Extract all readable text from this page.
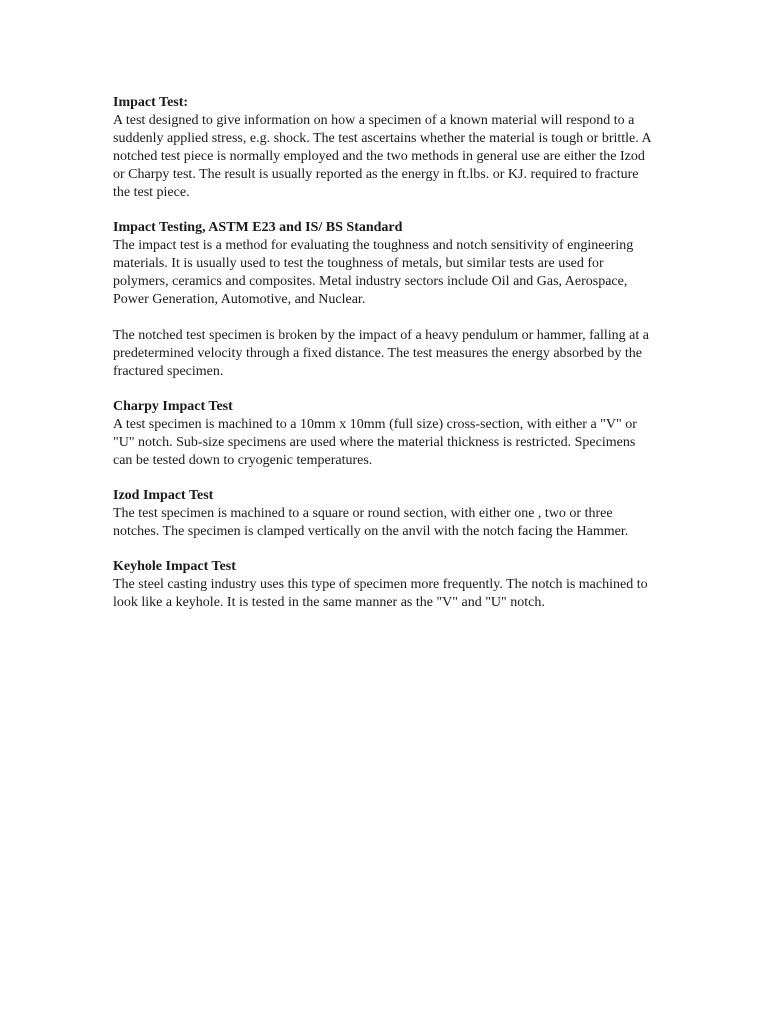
Impact Test:

A test designed to give information on how a specimen of a known material will respond to a suddenly applied stress, e.g. shock. The test ascertains whether the material is tough or brittle. A notched test piece is normally employed and the two methods in general use are either the Izod or Charpy test. The result is usually reported as the energy in ft.lbs. or KJ. required to fracture the test piece.

Impact Testing, ASTM E23 and IS/ BS Standard

The impact test is a method for evaluating the toughness and notch sensitivity of engineering materials. It is usually used to test the toughness of metals, but similar tests are used for polymers, ceramics and composites. Metal industry sectors include Oil and Gas, Aerospace, Power Generation, Automotive, and Nuclear.

The notched test specimen is broken by the impact of a heavy pendulum or hammer, falling at a predetermined velocity through a fixed distance. The test measures the energy absorbed by the fractured specimen.

Charpy Impact Test

A test specimen is machined to a 10mm x 10mm (full size) cross-section, with either a "V" or "U" notch. Sub-size specimens are used where the material thickness is restricted. Specimens can be tested down to cryogenic temperatures.

Izod Impact Test

The test specimen is machined to a square or round section, with either one , two or three notches. The specimen is clamped vertically on the anvil with the notch facing the Hammer.

Keyhole Impact Test

The steel casting industry uses this type of specimen more frequently. The notch is machined to look like a keyhole. It is tested in the same manner as the "V" and "U" notch.
